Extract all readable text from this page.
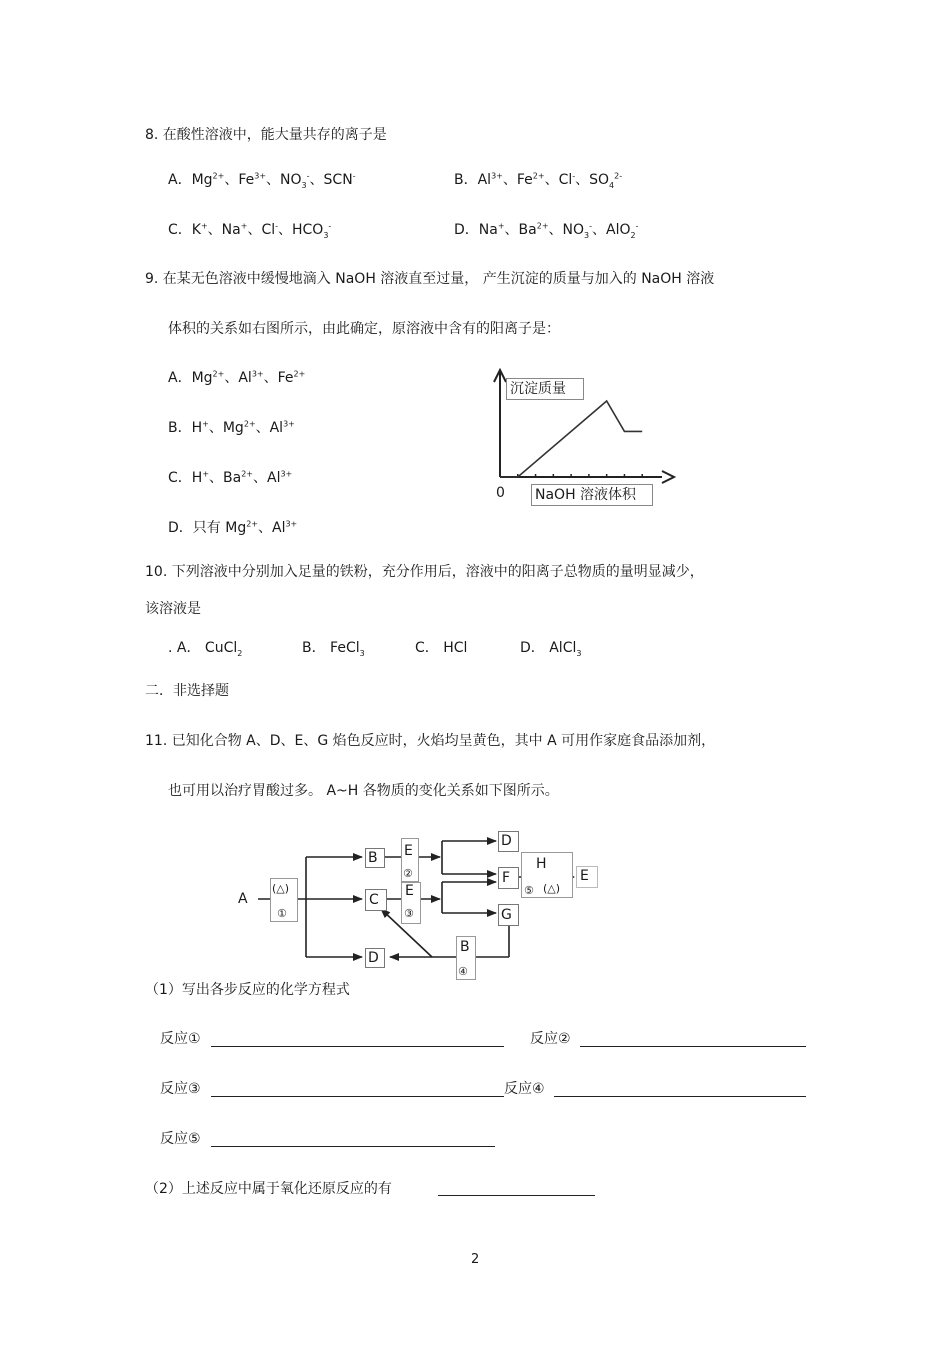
8. 在酸性溶液中，能大量共存的离子是
A．$Mg^{2+}$、$Fe^{3+}$、$NO_3^-$、SCN-	B．$Al^{3+}$、$Fe^{2+}$、Cl-、$SO_4^{2-}$
C．K+、Na+、Cl-、$HCO_3^-$	D．Na+、$Ba^{2+}$、$NO_3^-$、AlO$_2$-
9. 在某无色溶液中缓慢地滴入 NaOH 溶液直至过量， 产生沉淀的质量与加入的 NaOH 溶液
体积的关系如右图所示，由此确定，原溶液中含有的阳离子是：
A．$Mg^{2+}$、$Al^{3+}$、$Fe^{2+}$
B．H+、$Mg^{2+}$、$Al^{3+}$
C．H+、$Ba^{2+}$、$Al^{3+}$
D．只有 $Mg^{2+}$、$Al^{3+}$
沉淀质量
NaOH 溶液体积
0
10. 下列溶液中分别加入足量的铁粉，充分作用后，溶液中的阳离子总物质的量明显减少，
该溶液是
. A． CuCl$_2$	B． FeCl$_3$	C． HCl	D． AlCl$_3$
二．非选择题
11. 已知化合物 A、D、E、G 焰色反应时，火焰均呈黄色，其中 A 可用作家庭食品添加剂，
也可用以治疗胃酸过多。 A~H 各物质的变化关系如下图所示。
A
B
C
D
D
F
G
E
(△)
①
E
②
E
③
B
④
H
⑤ (△)
（1）写出各步反应的化学方程式
反应①	反应②
反应③	反应④
反应⑤
（2）上述反应中属于氧化还原反应的有
2
